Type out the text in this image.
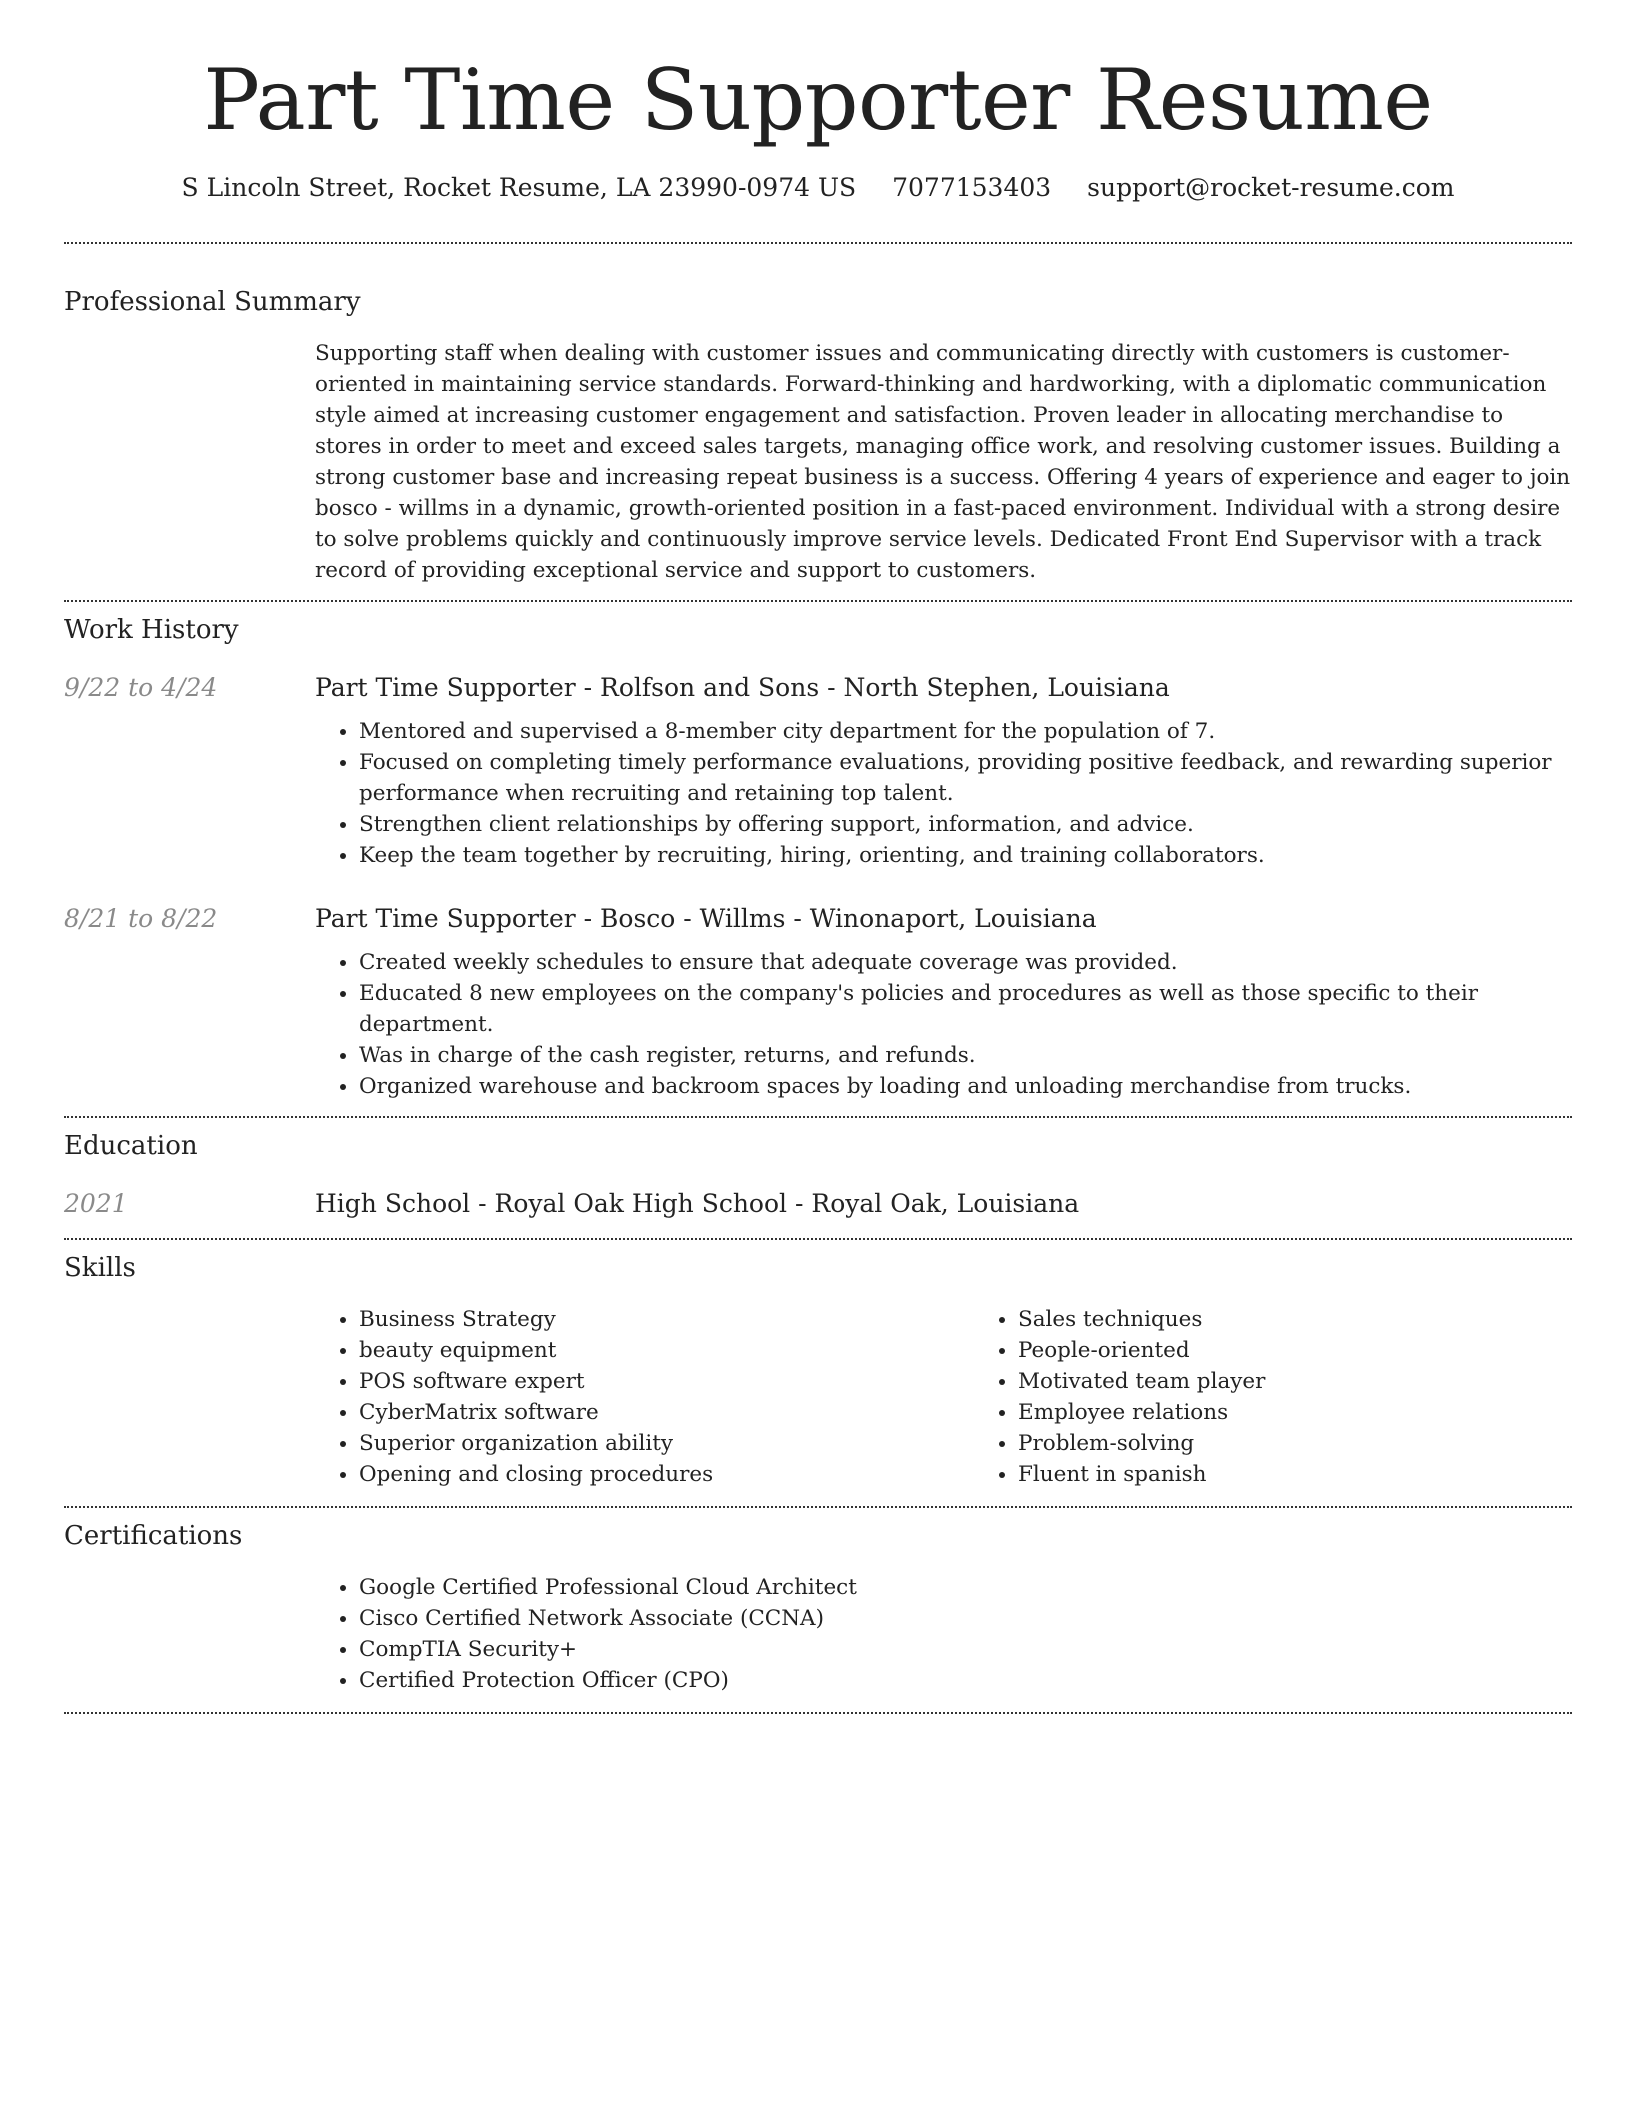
Part Time Supporter Resume
S Lincoln Street, Rocket Resume, LA 23990-0974 US 7077153403 support@rocket-resume.com
Professional Summary

Supporting staff when dealing with customer issues and communicating directly with customers is customer-oriented in maintaining service standards. Forward-thinking and hardworking, with a diplomatic communication style aimed at increasing customer engagement and satisfaction. Proven leader in allocating merchandise to stores in order to meet and exceed sales targets, managing office work, and resolving customer issues. Building a strong customer base and increasing repeat business is a success. Offering 4 years of experience and eager to join bosco - willms in a dynamic, growth-oriented position in a fast-paced environment. Individual with a strong desire to solve problems quickly and continuously improve service levels. Dedicated Front End Supervisor with a track record of providing exceptional service and support to customers.

Work History
9/22 to 4/24	Part Time Supporter - Rolfson and Sons - North Stephen, Louisiana
• Mentored and supervised a 8-member city department for the population of 7.
• Focused on completing timely performance evaluations, providing positive feedback, and rewarding superior performance when recruiting and retaining top talent.
• Strengthen client relationships by offering support, information, and advice.
• Keep the team together by recruiting, hiring, orienting, and training collaborators.
8/21 to 8/22	Part Time Supporter - Bosco - Willms - Winonaport, Louisiana
• Created weekly schedules to ensure that adequate coverage was provided.
• Educated 8 new employees on the company's policies and procedures as well as those specific to their department.
• Was in charge of the cash register, returns, and refunds.
• Organized warehouse and backroom spaces by loading and unloading merchandise from trucks.
Education
2021	High School - Royal Oak High School - Royal Oak, Louisiana
Skills
• Business Strategy
• beauty equipment
• POS software expert
• CyberMatrix software
• Superior organization ability
• Opening and closing procedures
• Sales techniques
• People-oriented
• Motivated team player
• Employee relations
• Problem-solving
• Fluent in spanish
Certifications
• Google Certified Professional Cloud Architect
• Cisco Certified Network Associate (CCNA)
• CompTIA Security+
• Certified Protection Officer (CPO)
